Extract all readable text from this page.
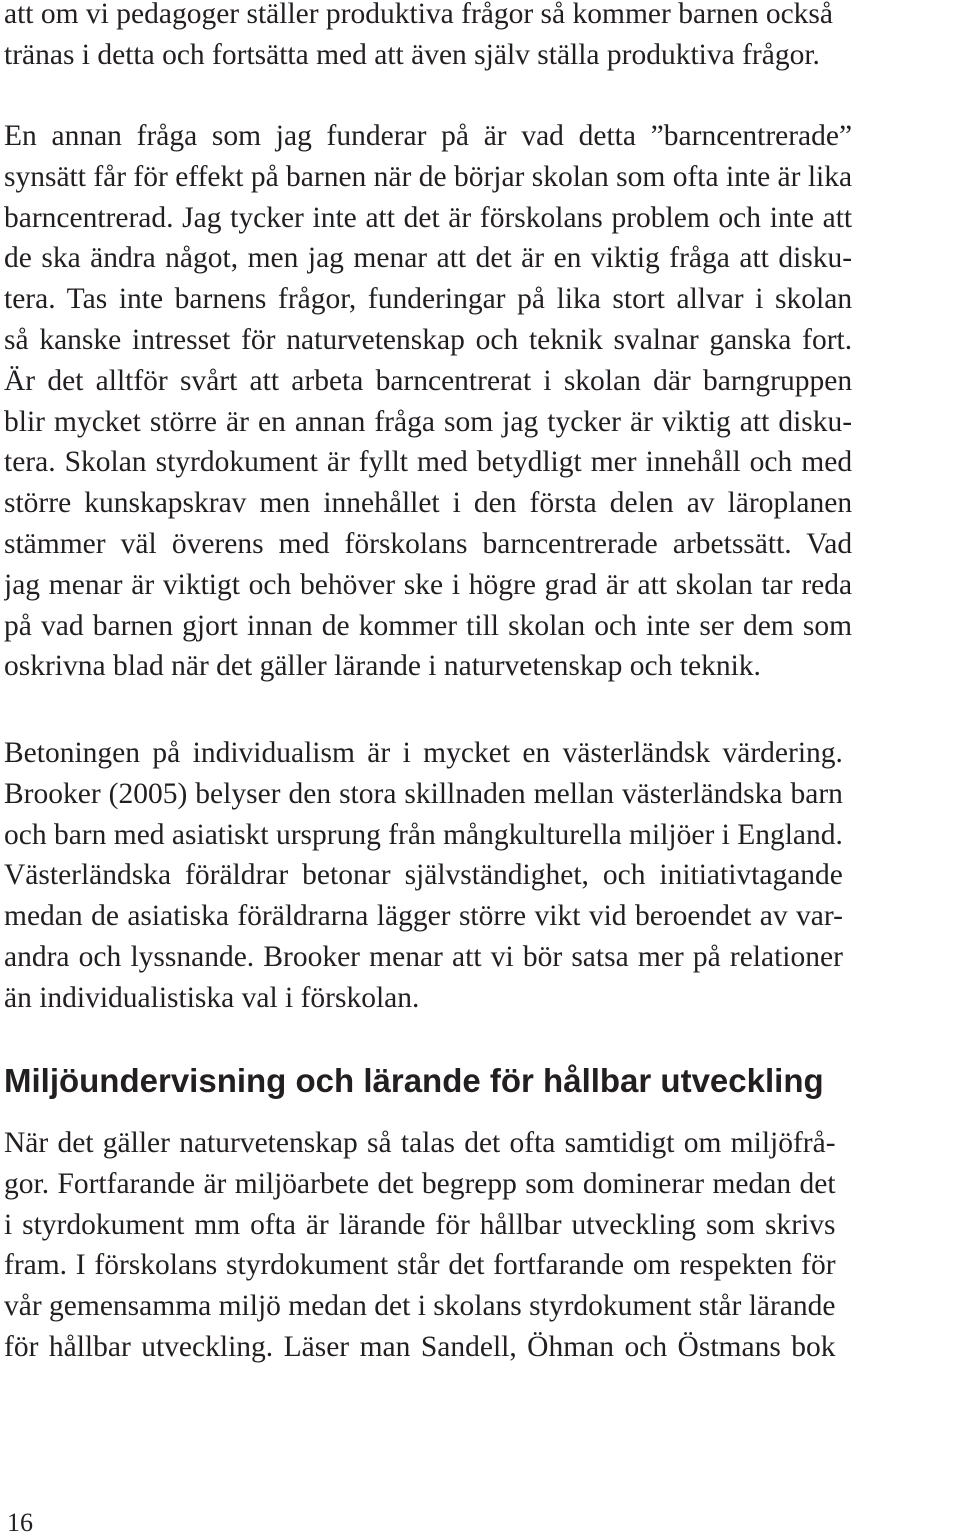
att om vi pedagoger ställer produktiva frågor så kommer barnen också
tränas i detta och fortsätta med att även själv ställa produktiva frågor.

En annan fråga som jag funderar på är vad detta ”barncentrerade”
synsätt får för effekt på barnen när de börjar skolan som ofta inte är lika
barncentrerad. Jag tycker inte att det är förskolans problem och inte att
de ska ändra något, men jag menar att det är en viktig fråga att disku-
tera. Tas inte barnens frågor, funderingar på lika stort allvar i skolan
så kanske intresset för naturvetenskap och teknik svalnar ganska fort.
Är det alltför svårt att arbeta barncentrerat i skolan där barngruppen
blir mycket större är en annan fråga som jag tycker är viktig att disku-
tera. Skolan styrdokument är fyllt med betydligt mer innehåll och med
större kunskapskrav men innehållet i den första delen av läroplanen
stämmer väl överens med förskolans barncentrerade arbetssätt. Vad
jag menar är viktigt och behöver ske i högre grad är att skolan tar reda
på vad barnen gjort innan de kommer till skolan och inte ser dem som
oskrivna blad när det gäller lärande i naturvetenskap och teknik.

Betoningen på individualism är i mycket en västerländsk värdering.
Brooker (2005) belyser den stora skillnaden mellan västerländska barn
och barn med asiatiskt ursprung från mångkulturella miljöer i England.
Västerländska föräldrar betonar självständighet, och initiativtagande
medan de asiatiska föräldrarna lägger större vikt vid beroendet av var-
andra och lyssnande. Brooker menar att vi bör satsa mer på relationer
än individualistiska val i förskolan.

Miljöundervisning och lärande för hållbar utveckling

När det gäller naturvetenskap så talas det ofta samtidigt om miljöfrå-
gor. Fortfarande är miljöarbete det begrepp som dominerar medan det
i styrdokument mm ofta är lärande för hållbar utveckling som skrivs
fram. I förskolans styrdokument står det fortfarande om respekten för
vår gemensamma miljö medan det i skolans styrdokument står lärande
för hållbar utveckling. Läser man Sandell, Öhman och Östmans bok

16
